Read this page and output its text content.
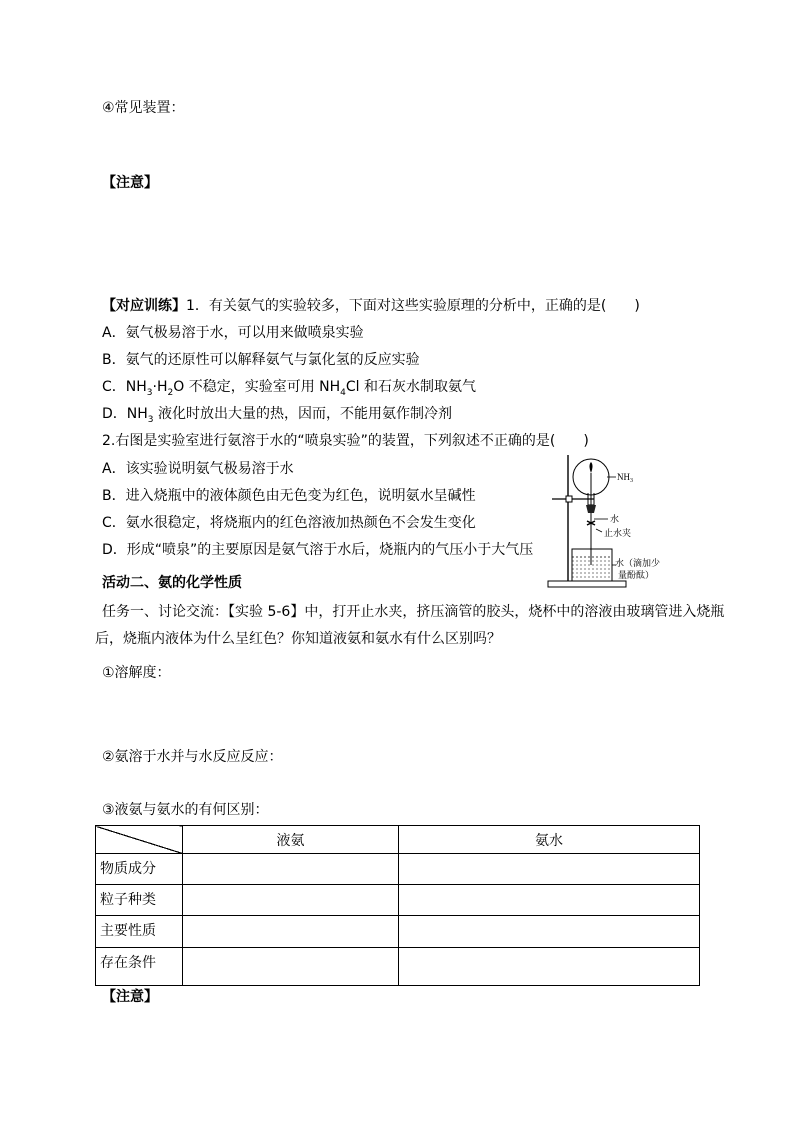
④常见装置：
【注意】
【对应训练】1．有关氨气的实验较多，下面对这些实验原理的分析中，正确的是(　　)
A．氨气极易溶于水，可以用来做喷泉实验
B．氨气的还原性可以解释氨气与氯化氢的反应实验
C．$NH_3\cdot H_2O$ 不稳定，实验室可用 $NH_4Cl$ 和石灰水制取氨气
D．$NH_3$ 液化时放出大量的热，因而，不能用氨作制冷剂
2.右图是实验室进行氨溶于水的“喷泉实验”的装置，下列叙述不正确的是(　　)
A．该实验说明氨气极易溶于水
B．进入烧瓶中的液体颜色由无色变为红色，说明氨水呈碱性
C．氨水很稳定，将烧瓶内的红色溶液加热颜色不会发生变化
D．形成“喷泉”的主要原因是氨气溶于水后，烧瓶内的气压小于大气压
$NH_3$
水
止水夹
水（滴加少
量酚酞）
活动二、氨的化学性质
任务一、讨论交流：【实验 5-6】中，打开止水夹，挤压滴管的胶头，烧杯中的溶液由玻璃管进入烧瓶
后，烧瓶内液体为什么呈红色？你知道液氨和氨水有什么区别吗？
①溶解度：
②氨溶于水并与水反应反应：
③液氨与氨水的有何区别：
	液氨	氨水
物质成分		
粒子种类		
主要性质		
存在条件		
【注意】
